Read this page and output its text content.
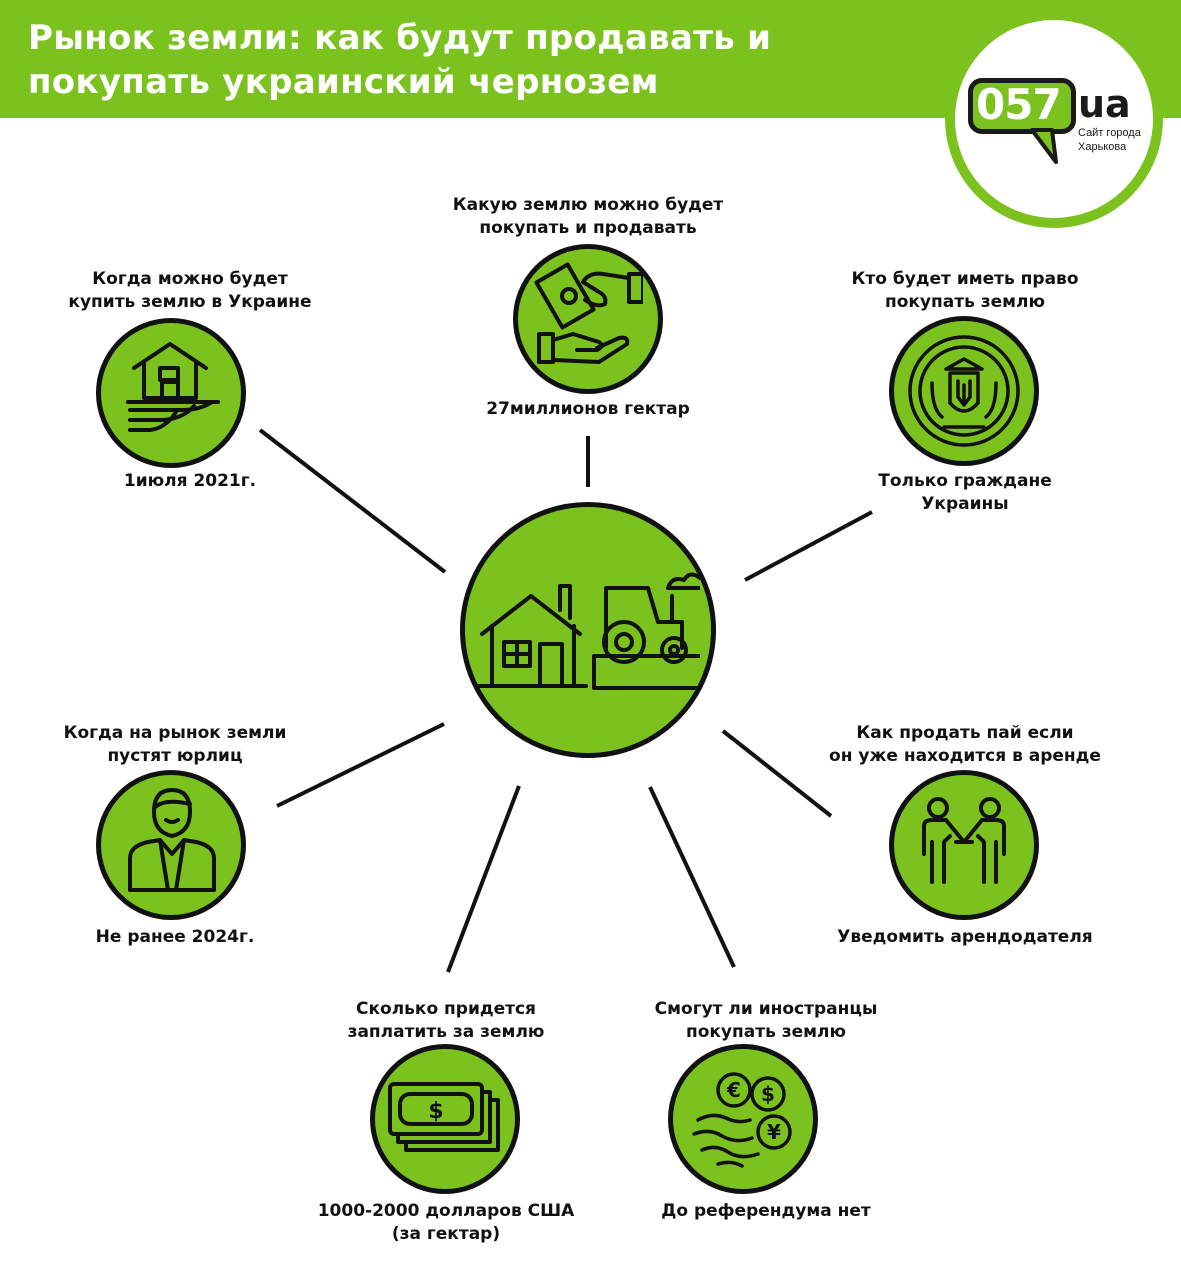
Рынок земли: как будут продавать и
покупать украинский чернозем	057 ua
Сайт города
Харькова
Какую землю можно будет
покупать и продавать
27миллионов гектар
Когда можно будет
купить землю в Украине
1июля 2021г.
Кто будет иметь право
покупать землю
Только граждане
Украины
Когда на рынок земли
пустят юрлиц
Не ранее 2024г.
Как продать пай если
он уже находится в аренде
Уведомить арендодателя
Сколько придется
заплатить за землю
$
1000-2000 долларов США
(за гектар)
Смогут ли иностранцы
покупать землю
€ $
¥
До референдума нет
